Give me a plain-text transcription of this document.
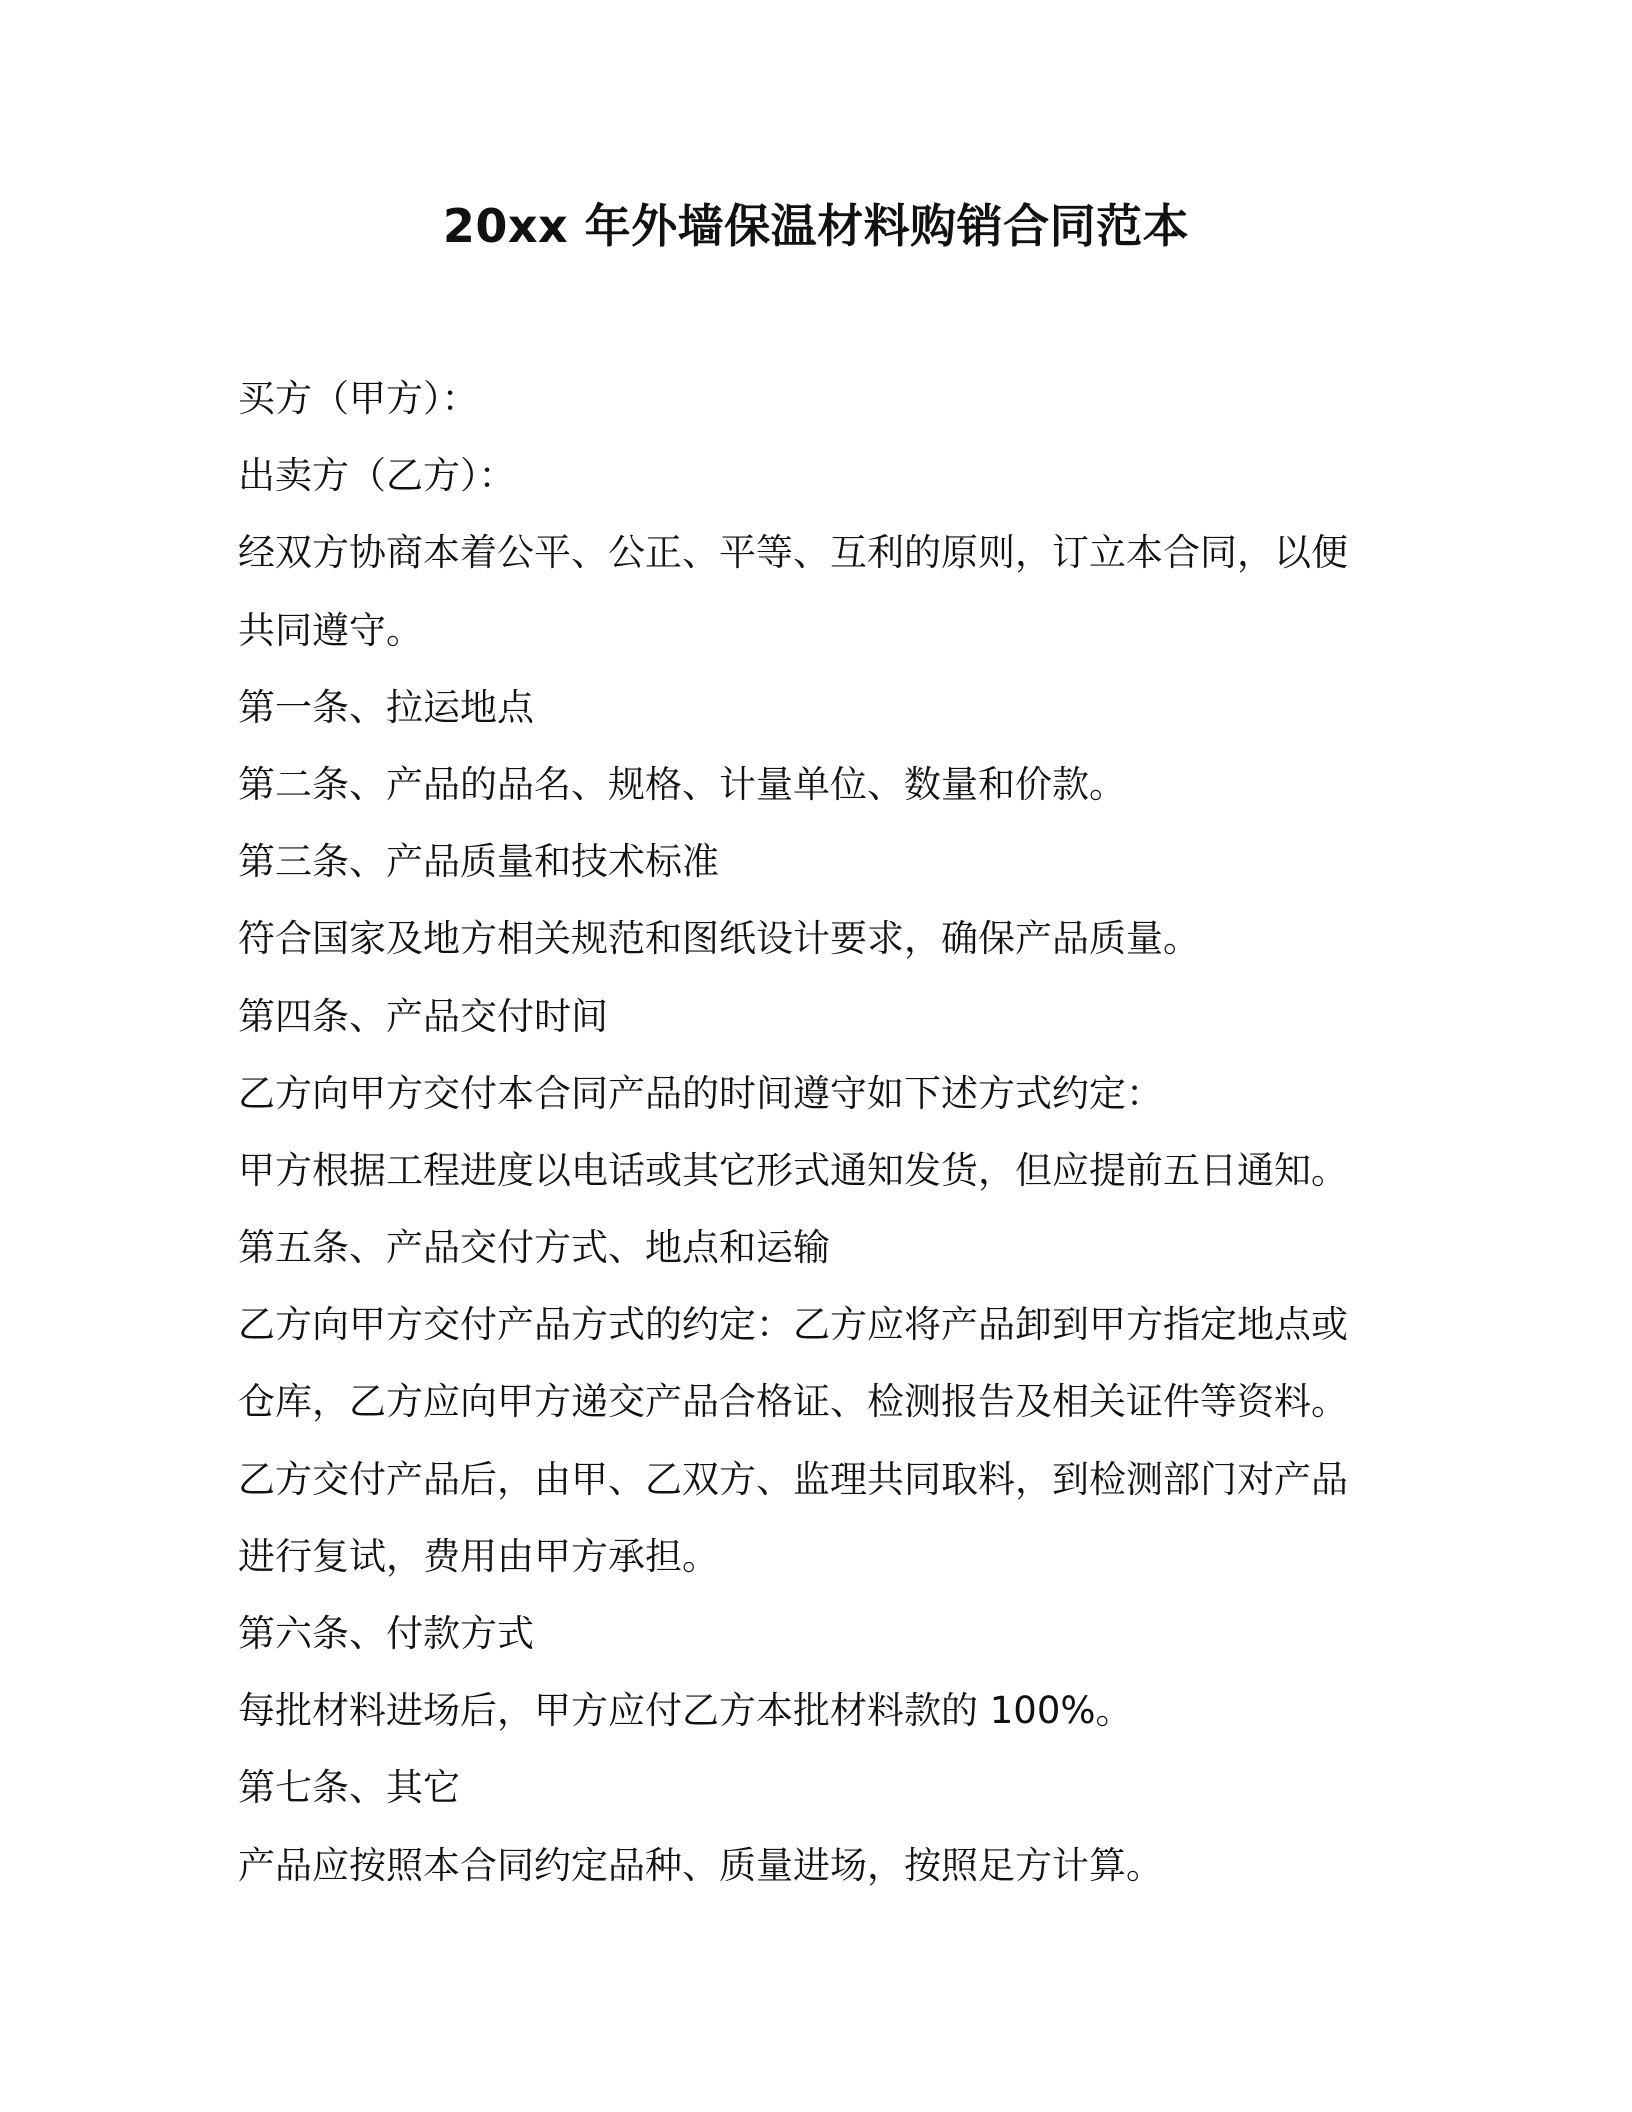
20xx 年外墙保温材料购销合同范本
买方（甲方）：
出卖方（乙方）：
经双方协商本着公平、公正、平等、互利的原则，订立本合同，以便
共同遵守。
第一条、拉运地点
第二条、产品的品名、规格、计量单位、数量和价款。
第三条、产品质量和技术标准
符合国家及地方相关规范和图纸设计要求，确保产品质量。
第四条、产品交付时间
乙方向甲方交付本合同产品的时间遵守如下述方式约定：
甲方根据工程进度以电话或其它形式通知发货，但应提前五日通知。
第五条、产品交付方式、地点和运输
乙方向甲方交付产品方式的约定：乙方应将产品卸到甲方指定地点或
仓库，乙方应向甲方递交产品合格证、检测报告及相关证件等资料。
乙方交付产品后，由甲、乙双方、监理共同取料，到检测部门对产品
进行复试，费用由甲方承担。
第六条、付款方式
每批材料进场后，甲方应付乙方本批材料款的 100%。
第七条、其它
产品应按照本合同约定品种、质量进场，按照足方计算。
